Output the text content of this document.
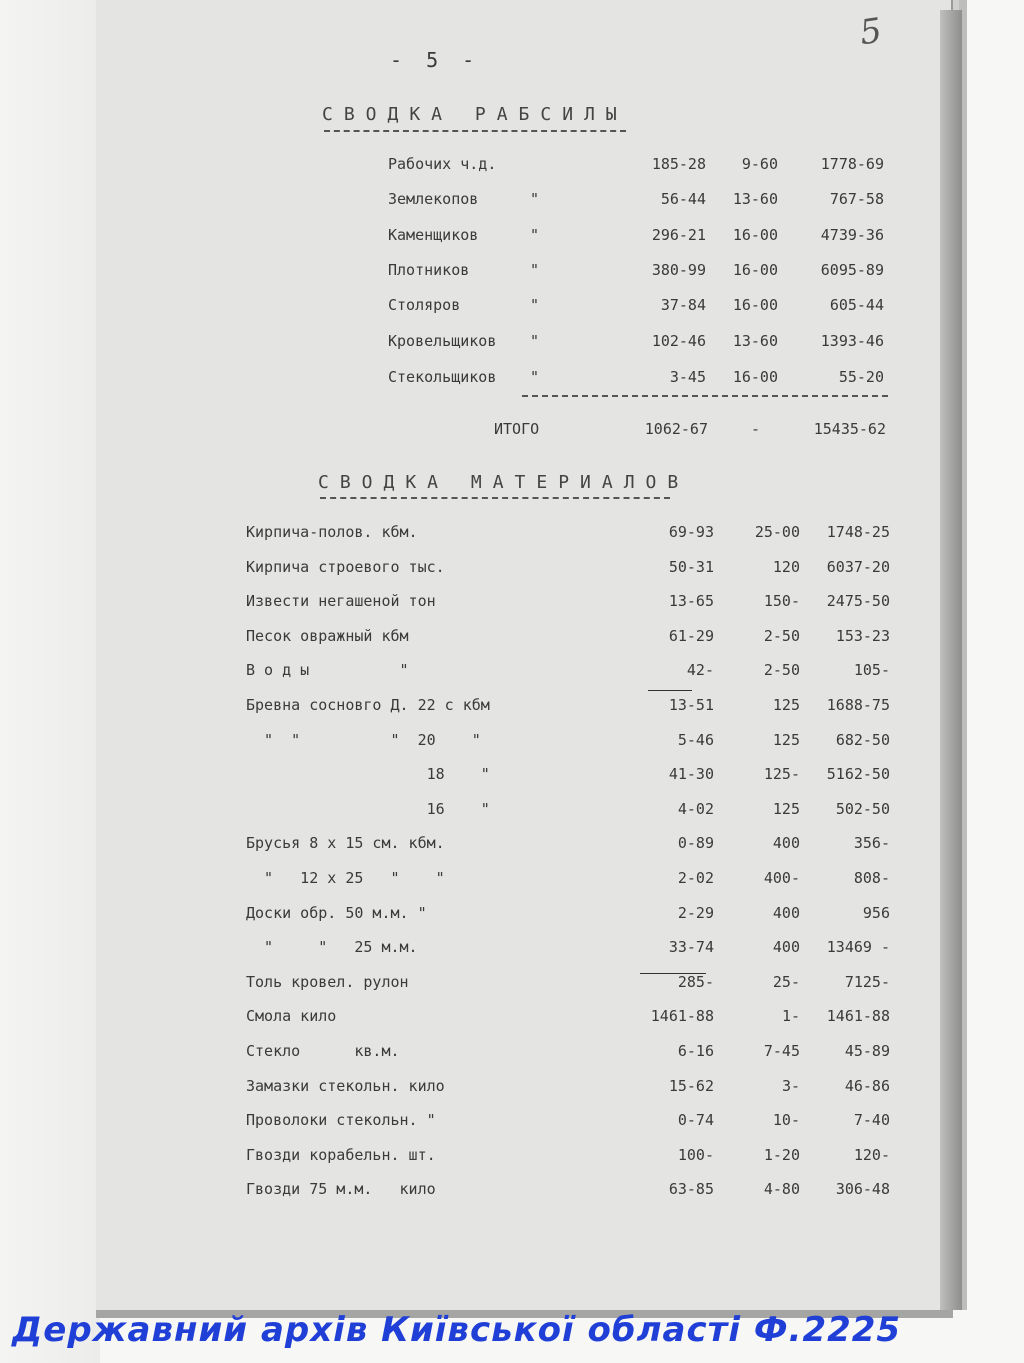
- 5 -
5
СВОДКА РАБСИЛЫ
Рабочих ч.д.	185-28	9-60	1778-69
Землекопов	"	56-44	13-60	767-58
Каменщиков	"	296-21	16-00	4739-36
Плотников	"	380-99	16-00	6095-89
Столяров	"	37-84	16-00	605-44
Кровельщиков "	102-46	13-60	1393-46
Стекольщиков "	3-45	16-00	55-20
ИТОГО	1062-67	-	15435-62
СВОДКА МАТЕРИАЛОВ
Кирпича-полов. кбм.	69-93	25-00	1748-25
Кирпича строевого тыс.	50-31	120	6037-20
Извести негашеной тон	13-65	150-	2475-50
Песок овражный кбм	61-29	2-50	153-23
В о д ы          "	42-	2-50	105-
Бревна сосновго Д. 22 с кбм	13-51	125	1688-75
"  "          "  20    "	5-46	125	682-50
18    "	41-30	125-	5162-50
16    "	4-02	125	502-50
Брусья 8 х 15 см. кбм.	0-89	400	356-
"   12 х 25   "    "	2-02	400-	808-
Доски обр. 50 м.м. "	2-29	400	956
"     "   25 м.м.	33-74	400	13469 -
Толь кровел. рулон	285-	25-	7125-
Смола кило	1461-88	1-	1461-88
Стекло      кв.м.	6-16	7-45	45-89
Замазки стекольн. кило	15-62	3-	46-86
Проволоки стекольн. "	0-74	10-	7-40
Гвозди корабельн. шт.	100-	1-20	120-
Гвозди 75 м.м.   кило	63-85	4-80	306-48
Державний архів Київської області Ф.2225
